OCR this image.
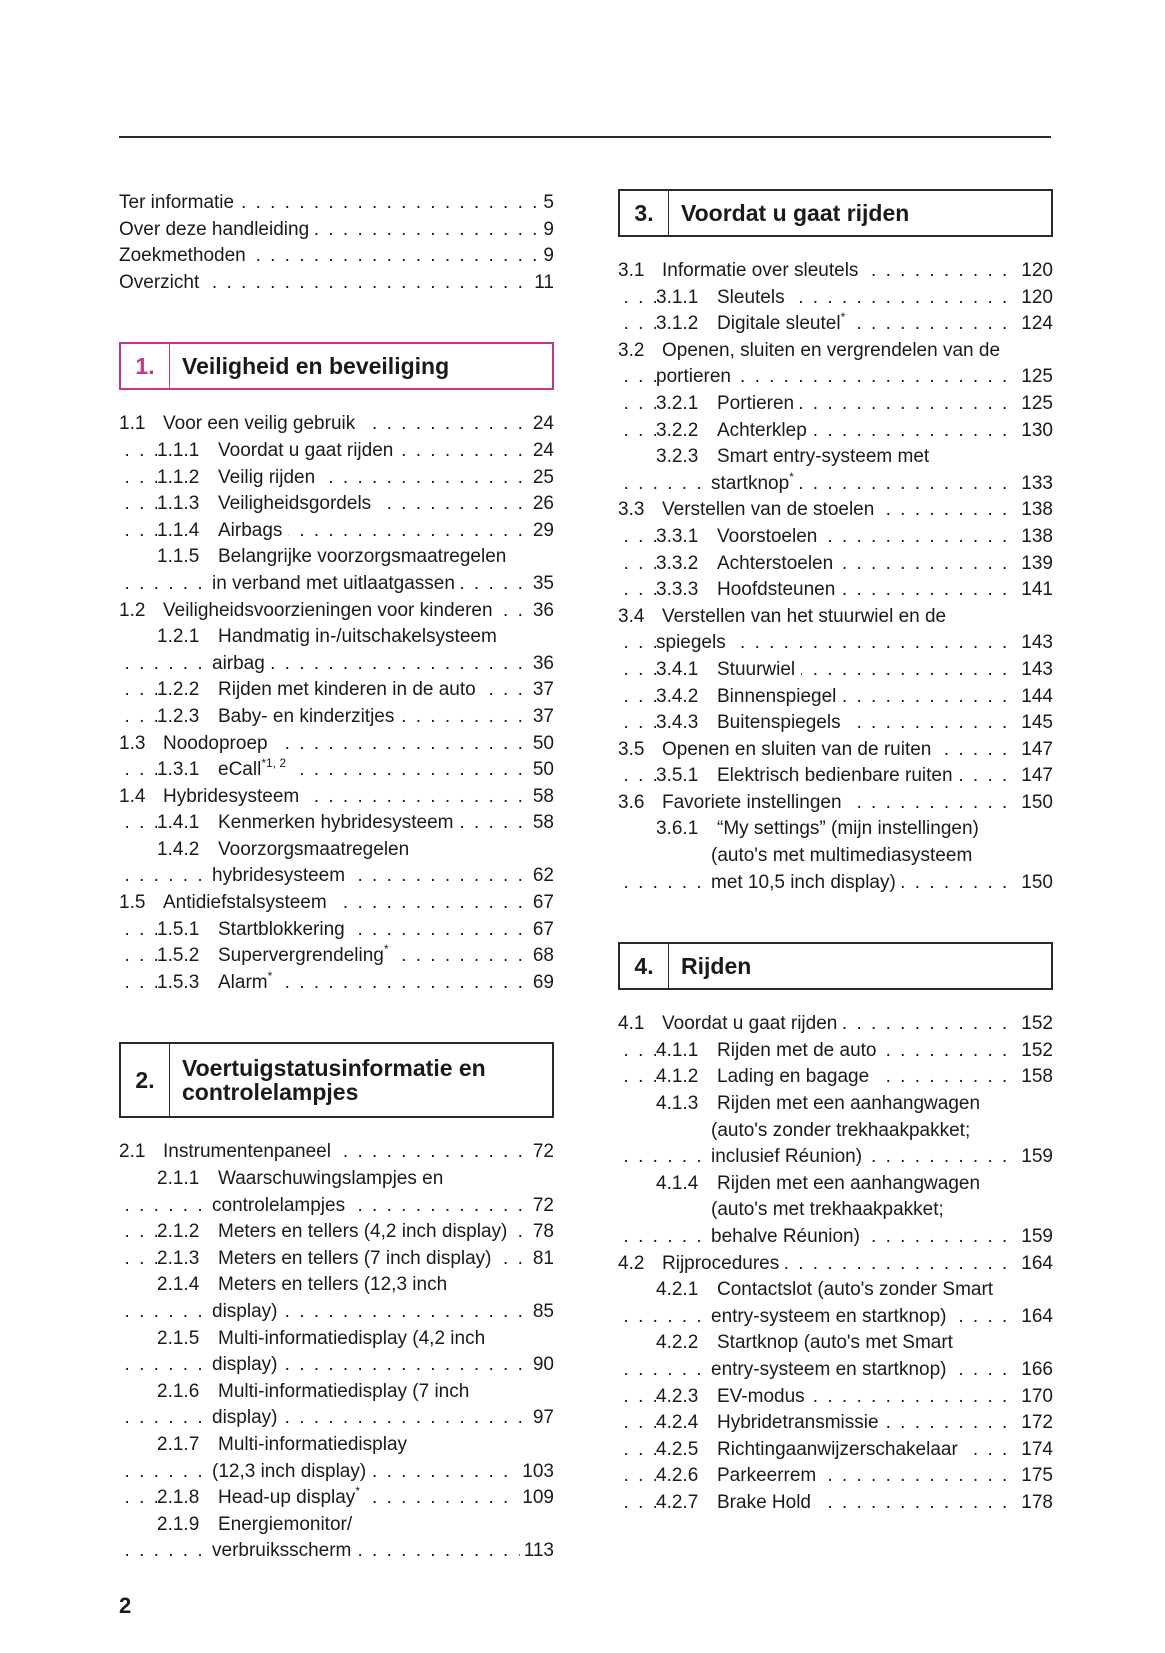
. . .
Ter informatie	5
. . .
Over deze handleiding	9
. . .
Zoekmethoden	9
. . .
Overzicht	11
1.	Veiligheid en beveiliging
. . .
1.1 Voor een veilig gebruik	24
. . .
1.1.1 Voordat u gaat rijden	24
. . .
1.1.2 Veilig rijden	25
. . .
1.1.3 Veiligheidsgordels	26
. . .
1.1.4 Airbags	29
1.1.5 Belangrijke voorzorgsmaatregelen
. . .
in verband met uitlaatgassen	35
. . .
1.2 Veiligheidsvoorzieningen voor kinderen 36
1.2.1 Handmatig in-/uitschakelsysteem
. . .
airbag	36
. . .
1.2.2 Rijden met kinderen in de auto	37
. . .
1.2.3 Baby- en kinderzitjes	37
. . .
1.3 Noodoproep	50
. . .
1.3.1 eCall$^{*1, 2}$	50
. . .
1.4 Hybridesysteem	58
. . .
1.4.1 Kenmerken hybridesysteem	58
1.4.2 Voorzorgsmaatregelen
. . .
hybridesysteem	62
. . .
1.5 Antidiefstalsysteem	67
. . .
1.5.1 Startblokkering	67
. . .
1.5.2 Supervergrendeling*	68
. . .
1.5.3 Alarm*	69
2.	Voertuigstatusinformatie en
controlelampjes
. . .
2.1 Instrumentenpaneel	72
2.1.1 Waarschuwingslampjes en
. . .
controlelampjes	72
. . .
2.1.2 Meters en tellers (4,2 inch display) 78
. . .
2.1.3 Meters en tellers (7 inch display) 81
2.1.4 Meters en tellers (12,3 inch
. . .
display)	85
2.1.5 Multi-informatiedisplay (4,2 inch
. . .
display)	90
2.1.6 Multi-informatiedisplay (7 inch
. . .
display)	97
2.1.7 Multi-informatiedisplay
. . .
(12,3 inch display)	103
. . .
2.1.8 Head-up display*	109
2.1.9 Energiemonitor/
. . .
verbruiksscherm	113
3.	Voordat u gaat rijden
. . .
3.1 Informatie over sleutels	120
. . .
3.1.1 Sleutels	120
. . .
3.1.2 Digitale sleutel*	124
3.2 Openen, sluiten en vergrendelen van de
. . .
portieren	125
. . .
3.2.1 Portieren	125
. . .
3.2.2 Achterklep	130
3.2.3 Smart entry-systeem met
. . .
startknop*	133
. . .
3.3 Verstellen van de stoelen	138
. . .
3.3.1 Voorstoelen	138
. . .
3.3.2 Achterstoelen	139
. . .
3.3.3 Hoofdsteunen	141
3.4 Verstellen van het stuurwiel en de
. . .
spiegels	143
. . .
3.4.1 Stuurwiel	143
. . .
3.4.2 Binnenspiegel	144
. . .
3.4.3 Buitenspiegels	145
. . .
3.5 Openen en sluiten van de ruiten	147
. . .
3.5.1 Elektrisch bedienbare ruiten	147
. . .
3.6 Favoriete instellingen	150
3.6.1 “My settings” (mijn instellingen)
(auto's met multimediasysteem
. . .
met 10,5 inch display)	150
4.	Rijden
. . .
4.1 Voordat u gaat rijden	152
. . .
4.1.1 Rijden met de auto	152
. . .
4.1.2 Lading en bagage	158
4.1.3 Rijden met een aanhangwagen
(auto's zonder trekhaakpakket;
. . .
inclusief Réunion)	159
4.1.4 Rijden met een aanhangwagen
(auto's met trekhaakpakket;
. . .
behalve Réunion)	159
. . .
4.2 Rijprocedures	164
4.2.1 Contactslot (auto's zonder Smart
. . .
entry-systeem en startknop)	164
4.2.2 Startknop (auto's met Smart
. . .
entry-systeem en startknop)	166
. . .
4.2.3 EV-modus	170
. . .
4.2.4 Hybridetransmissie	172
. . .
4.2.5 Richtingaanwijzerschakelaar	174
. . .
4.2.6 Parkeerrem	175
. . .
4.2.7 Brake Hold	178
2
